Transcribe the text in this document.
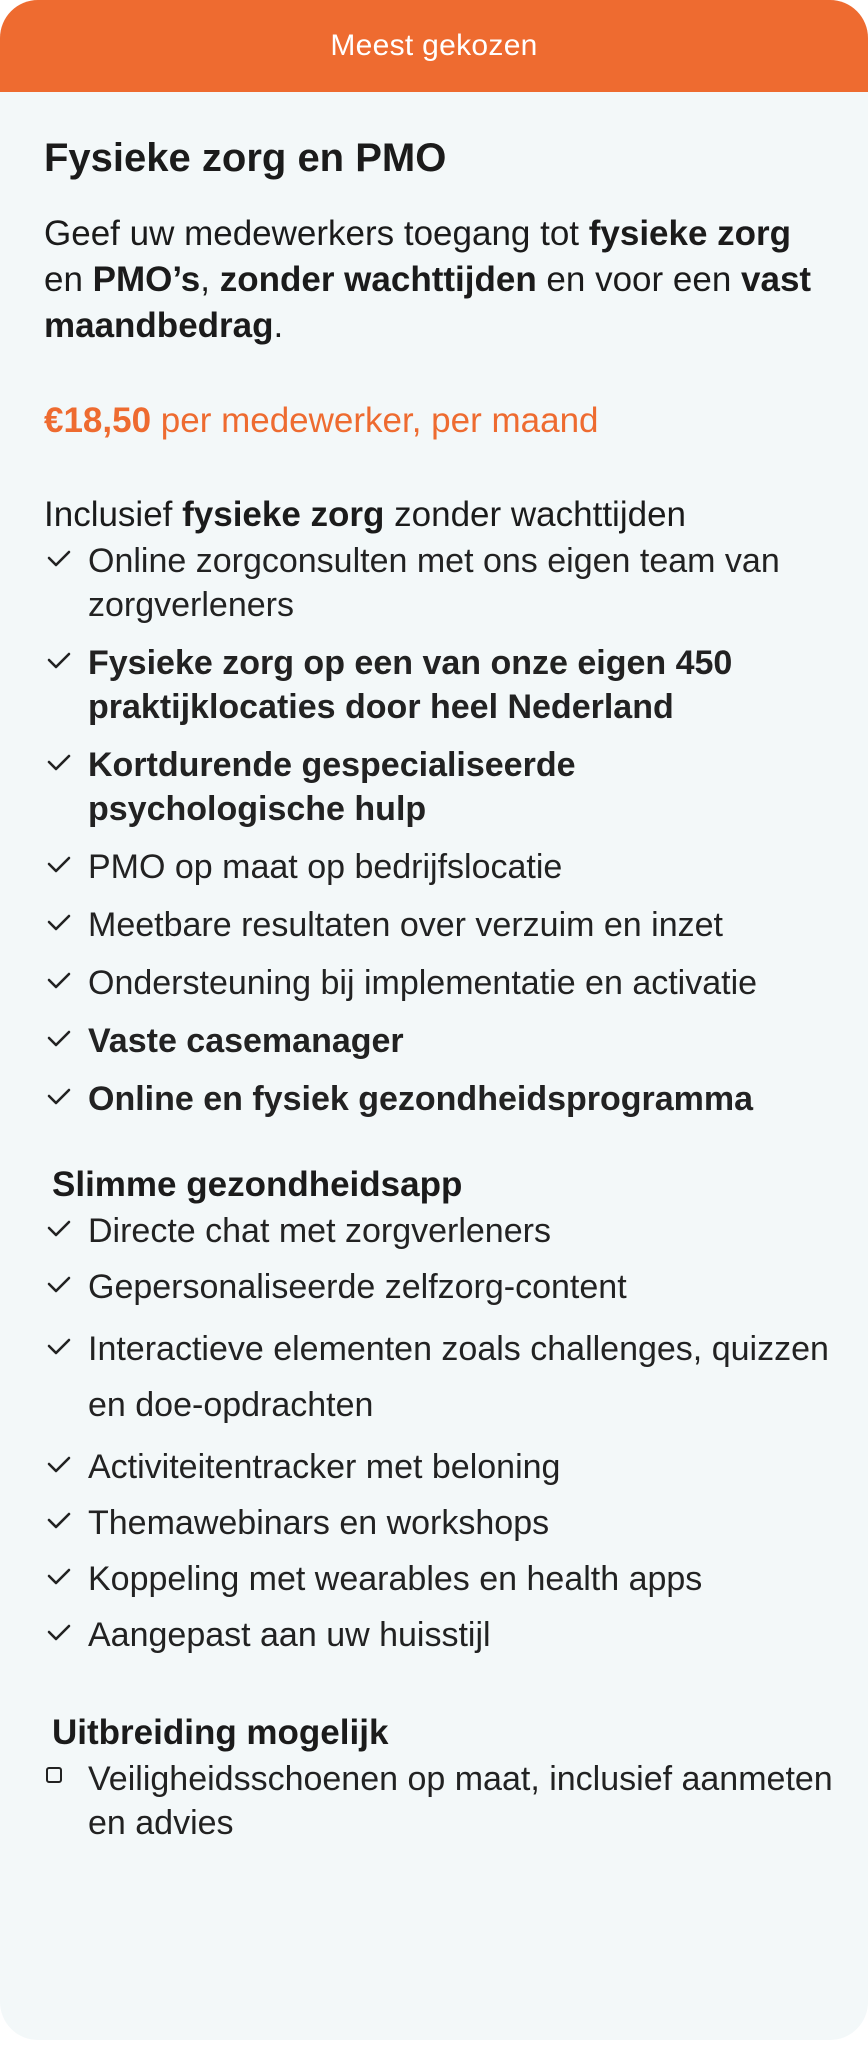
Meest gekozen
Fysieke zorg en PMO
Geef uw medewerkers toegang tot fysieke zorg en PMO’s, zonder wachttijden en voor een vast maandbedrag.
€18,50 per medewerker, per maand
Inclusief fysieke zorg zonder wachttijden
Online zorgconsulten met ons eigen team van zorgverleners
Fysieke zorg op een van onze eigen 450 praktijklocaties door heel Nederland
Kortdurende gespecialiseerde psychologische hulp
PMO op maat op bedrijfslocatie
Meetbare resultaten over verzuim en inzet
Ondersteuning bij implementatie en activatie
Vaste casemanager
Online en fysiek gezondheidsprogramma
Slimme gezondheidsapp
Directe chat met zorgverleners
Gepersonaliseerde zelfzorg-content
Interactieve elementen zoals challenges, quizzen en doe-opdrachten
Activiteitentracker met beloning
Themawebinars en workshops
Koppeling met wearables en health apps
Aangepast aan uw huisstijl
Uitbreiding mogelijk
Veiligheidsschoenen op maat, inclusief aanmeten en advies
